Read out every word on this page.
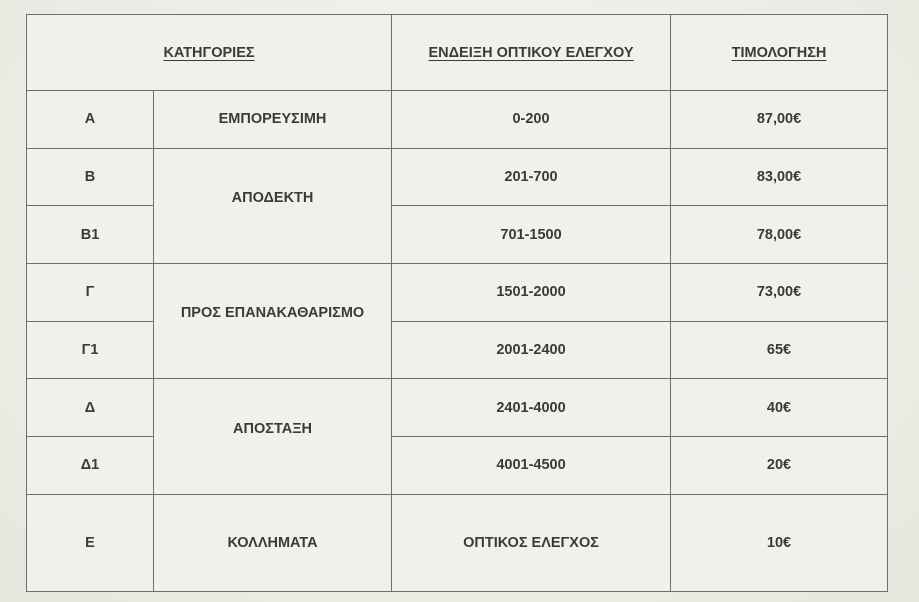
ΚΑΤΗΓΟΡΙΕΣ		ΕΝΔΕΙΞΗ ΟΠΤΙΚΟΥ ΕΛΕΓΧΟΥ	ΤΙΜΟΛΟΓΗΣΗ
Α	ΕΜΠΟΡΕΥΣΙΜΗ	0-200	87,00€
Β	ΑΠΟΔΕΚΤΗ	201-700	83,00€
Β1		701-1500	78,00€
Γ	ΠΡΟΣ ΕΠΑΝΑΚΑΘΑΡΙΣΜΟ	1501-2000	73,00€
Γ1		2001-2400	65€
Δ	ΑΠΟΣΤΑΞΗ	2401-4000	40€
Δ1		4001-4500	20€
Ε	ΚΟΛΛΗΜΑΤΑ	ΟΠΤΙΚΟΣ ΕΛΕΓΧΟΣ	10€
